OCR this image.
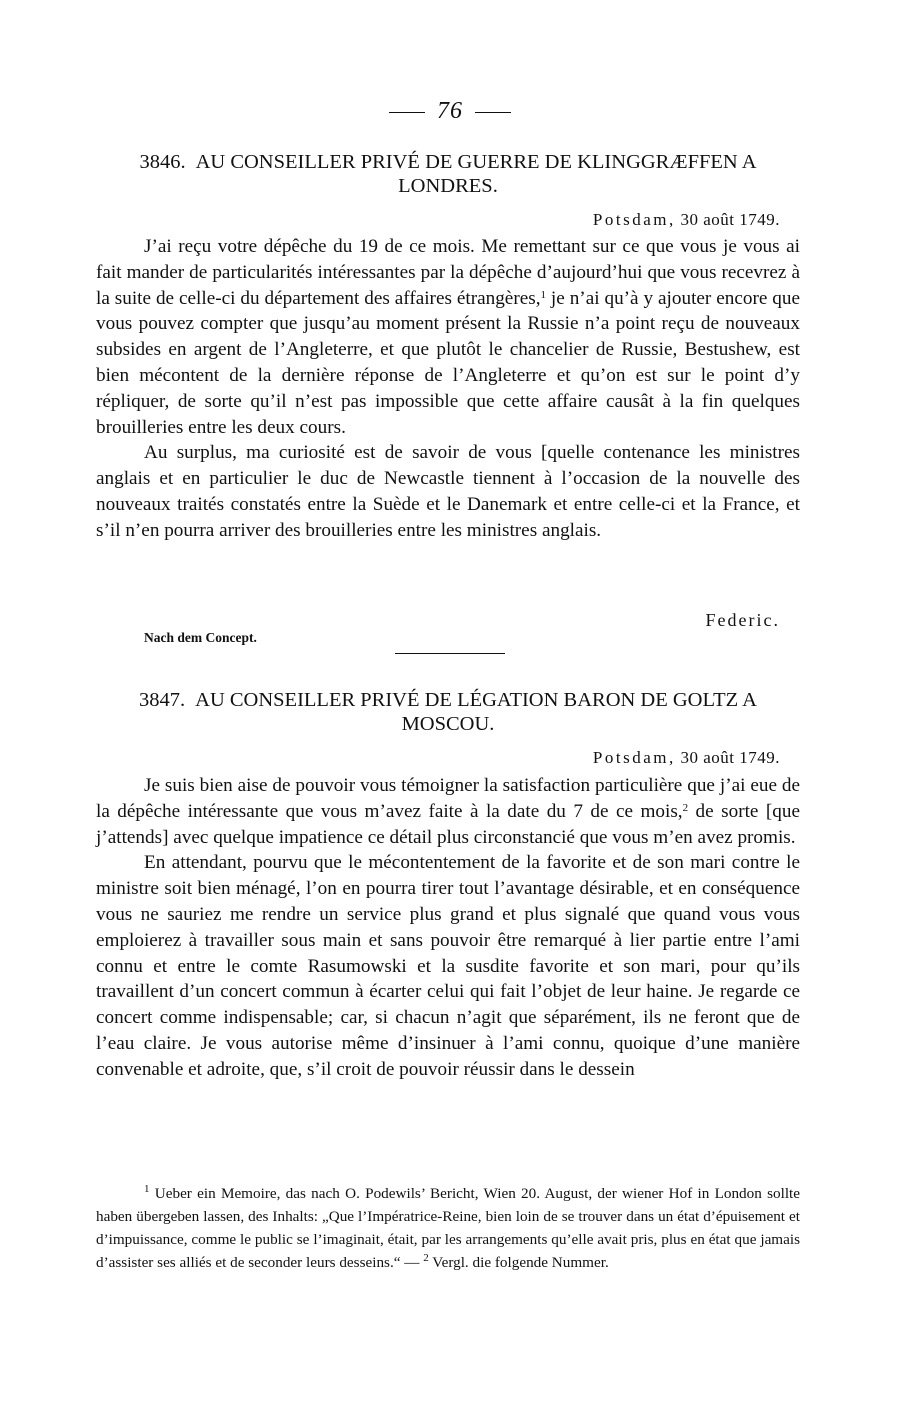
76
3846. AU CONSEILLER PRIVÉ DE GUERRE DE KLINGGRÆFFEN A LONDRES.
Potsdam, 30 août 1749.

J’ai reçu votre dépêche du 19 de ce mois. Me remettant sur ce que vous je vous ai fait mander de particularités intéressantes par la dépêche d’aujourd’hui que vous recevrez à la suite de celle-ci du département des affaires étrangères,$^1$ je n’ai qu’à y ajouter encore que vous pouvez compter que jusqu’au moment présent la Russie n’a point reçu de nouveaux subsides en argent de l’Angleterre, et que plutôt le chancelier de Russie, Bestushew, est bien mécontent de la dernière réponse de l’Angleterre et qu’on est sur le point d’y répliquer, de sorte qu’il n’est pas impossible que cette affaire causât à la fin quelques brouilleries entre les deux cours.

Au surplus, ma curiosité est de savoir de vous [quelle contenance les ministres anglais et en particulier le duc de Newcastle tiennent à l’occasion de la nouvelle des nouveaux traités constatés entre la Suède et le Danemark et entre celle-ci et la France, et s’il n’en pourra arriver des brouilleries entre les ministres anglais.

Federic.
Nach dem Concept.
3847. AU CONSEILLER PRIVÉ DE LÉGATION BARON DE GOLTZ A MOSCOU.
Potsdam, 30 août 1749.

Je suis bien aise de pouvoir vous témoigner la satisfaction particulière que j’ai eue de la dépêche intéressante que vous m’avez faite à la date du 7 de ce mois,$^2$ de sorte [que j’attends] avec quelque impatience ce détail plus circonstancié que vous m’en avez promis.

En attendant, pourvu que le mécontentement de la favorite et de son mari contre le ministre soit bien ménagé, l’on en pourra tirer tout l’avantage désirable, et en conséquence vous ne sauriez me rendre un service plus grand et plus signalé que quand vous vous emploierez à travailler sous main et sans pouvoir être remarqué à lier partie entre l’ami connu et entre le comte Rasumowski et la susdite favorite et son mari, pour qu’ils travaillent d’un concert commun à écarter celui qui fait l’objet de leur haine. Je regarde ce concert comme indispensable; car, si chacun n’agit que séparément, ils ne feront que de l’eau claire. Je vous autorise même d’insinuer à l’ami connu, quoique d’une manière convenable et adroite, que, s’il croit de pouvoir réussir dans le dessein

$^1$ Ueber ein Memoire, das nach O. Podewils’ Bericht, Wien 20. August, der wiener Hof in London sollte haben übergeben lassen, des Inhalts: „Que l’Impératrice-Reine, bien loin de se trouver dans un état d’épuisement et d’impuissance, comme le public se l’imaginait, était, par les arrangements qu’elle avait pris, plus en état que jamais d’assister ses alliés et de seconder leurs desseins.“ — $^2$ Vergl. die folgende Nummer.
